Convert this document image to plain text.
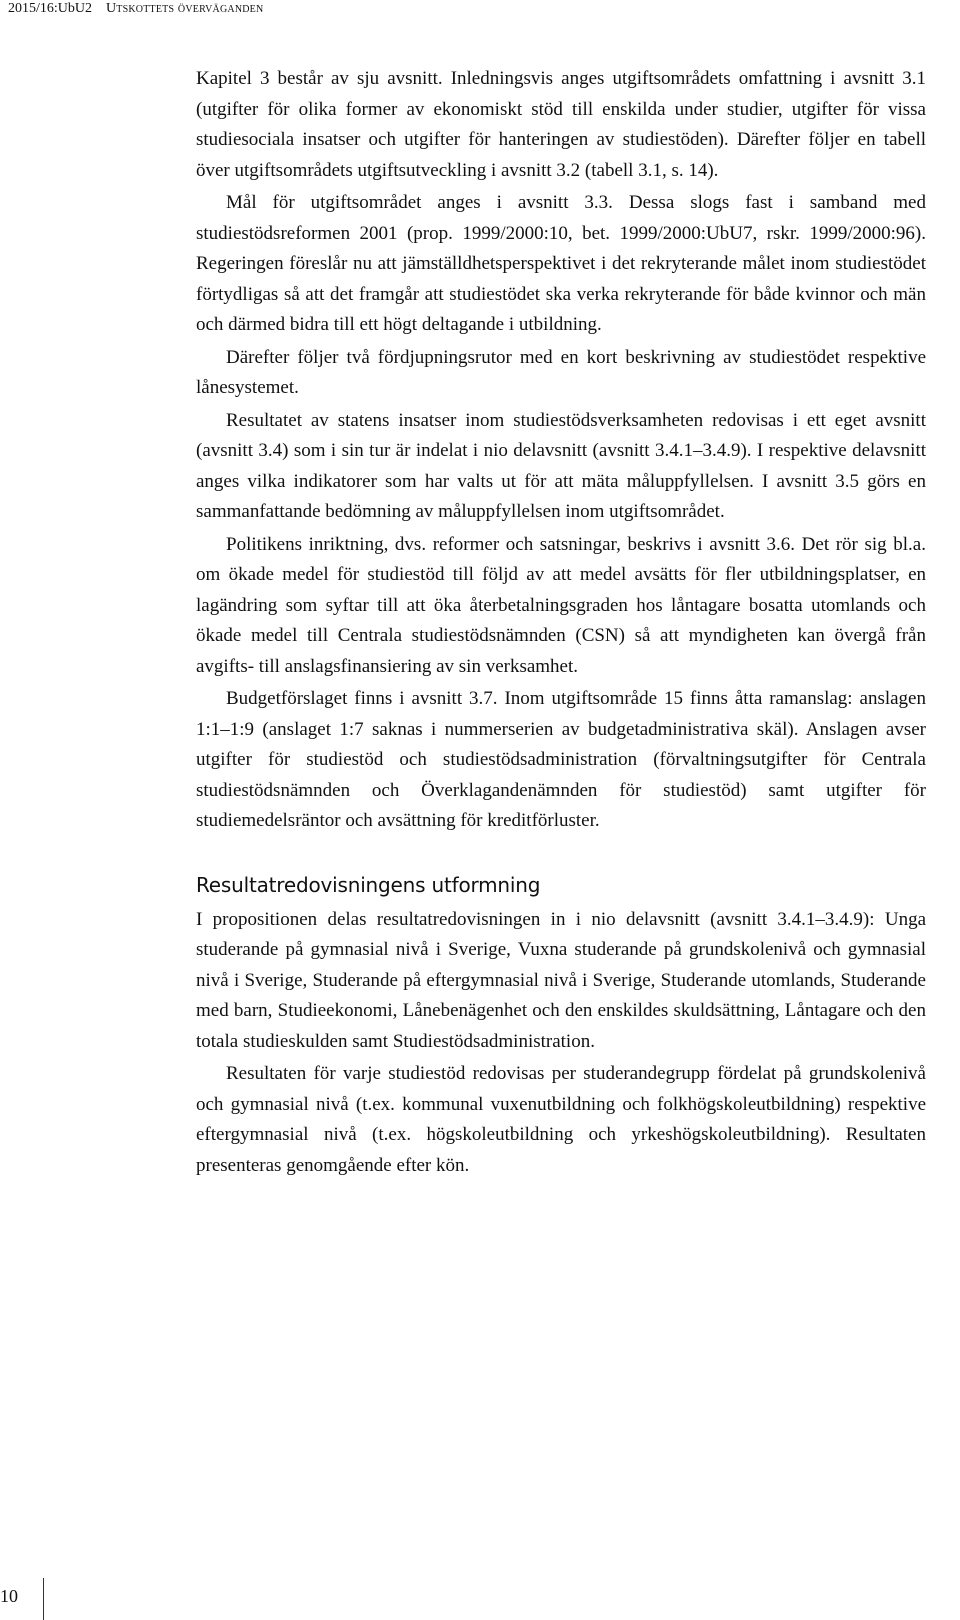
2015/16:UbU2 Utskottets överväganden

Kapitel 3 består av sju avsnitt. Inledningsvis anges utgiftsområdets omfattning i avsnitt 3.1 (utgifter för olika former av ekonomiskt stöd till enskilda under studier, utgifter för vissa studiesociala insatser och utgifter för hanteringen av studiestöden). Därefter följer en tabell över utgiftsområdets utgiftsutveckling i avsnitt 3.2 (tabell 3.1, s. 14).

Mål för utgiftsområdet anges i avsnitt 3.3. Dessa slogs fast i samband med studiestödsreformen 2001 (prop. 1999/2000:10, bet. 1999/2000:UbU7, rskr. 1999/2000:96). Regeringen föreslår nu att jämställdhetsperspektivet i det rekryterande målet inom studiestödet förtydligas så att det framgår att studiestödet ska verka rekryterande för både kvinnor och män och därmed bidra till ett högt deltagande i utbildning.

Därefter följer två fördjupningsrutor med en kort beskrivning av studiestödet respektive lånesystemet.

Resultatet av statens insatser inom studiestödsverksamheten redovisas i ett eget avsnitt (avsnitt 3.4) som i sin tur är indelat i nio delavsnitt (avsnitt 3.4.1–3.4.9). I respektive delavsnitt anges vilka indikatorer som har valts ut för att mäta måluppfyllelsen. I avsnitt 3.5 görs en sammanfattande bedömning av måluppfyllelsen inom utgiftsområdet.

Politikens inriktning, dvs. reformer och satsningar, beskrivs i avsnitt 3.6. Det rör sig bl.a. om ökade medel för studiestöd till följd av att medel avsätts för fler utbildningsplatser, en lagändring som syftar till att öka återbetalningsgraden hos låntagare bosatta utomlands och ökade medel till Centrala studiestödsnämnden (CSN) så att myndigheten kan övergå från avgifts- till anslagsfinansiering av sin verksamhet.

Budgetförslaget finns i avsnitt 3.7. Inom utgiftsområde 15 finns åtta ramanslag: anslagen 1:1–1:9 (anslaget 1:7 saknas i nummerserien av budgetadministrativa skäl). Anslagen avser utgifter för studiestöd och studiestödsadministration (förvaltningsutgifter för Centrala studiestödsnämnden och Överklagandenämnden för studiestöd) samt utgifter för studiemedelsräntor och avsättning för kreditförluster.

Resultatredovisningens utformning

I propositionen delas resultatredovisningen in i nio delavsnitt (avsnitt 3.4.1–3.4.9): Unga studerande på gymnasial nivå i Sverige, Vuxna studerande på grundskolenivå och gymnasial nivå i Sverige, Studerande på eftergymnasial nivå i Sverige, Studerande utomlands, Studerande med barn, Studieekonomi, Lånebenägenhet och den enskildes skuldsättning, Låntagare och den totala studieskulden samt Studiestödsadministration.

Resultaten för varje studiestöd redovisas per studerandegrupp fördelat på grundskolenivå och gymnasial nivå (t.ex. kommunal vuxenutbildning och folkhögskoleutbildning) respektive eftergymnasial nivå (t.ex. högskoleutbildning och yrkeshögskoleutbildning). Resultaten presenteras genomgående efter kön.

10
